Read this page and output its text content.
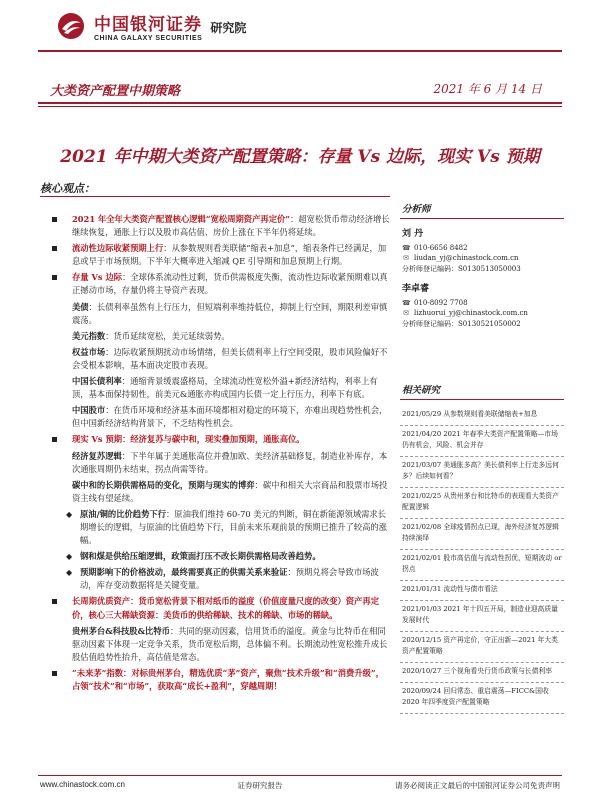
中国银河证券
CHINA GALAXY SECURITIES
研究院
大类资产配置中期策略	2021 年 6 月 14 日
2021 年中期大类资产配置策略：存量 Vs 边际，现实 Vs 预期
核心观点：
2021 年全年大类资产配置核心逻辑“宽松周期资产再定价”：超宽松货币带动经济增长继续恢复，通胀上行以及股市高估值、房价上涨在下半年仍将延续。
流动性边际收紧预期上行：从参数规则看美联储“缩表+加息”，缩表条件已经满足，加息或早于市场预期。下半年大概率进入缩减 QE 引导期和加息预期上行期。
存量 Vs 边际：全球体系流动性过剩，货币供需极度失衡，流动性边际收紧预期难以真正撼动市场，存量仍将主导资产表现。
美债：长债利率虽然有上行压力，但短端利率维持低位，抑制上行空间，期限利差审慎震荡。
美元指数：货币延续宽松，美元延续弱势。
权益市场：边际收紧预期扰动市场情绪，但美长债利率上行空间受限，股市风险偏好不会受根本影响，基本面决定股市表现。
中国长债利率：通缩背景缓震盛格局，全球流动性宽松外溢+新经济结构，利率上有顶，基本面保持韧性，前美元&通胀亦构成国内长债一定上行压力，利率下有底。
中国股市：在货币环境和经济基本面环境都相对稳定的环境下，亦难出现趋势性机会，但中国新经济结构背景下，不乏结构性机会。
现实 Vs 预期：经济复苏与碳中和，现实叠加预期，通胀高位。
经济复苏逻辑：下半年属于美通胀高位并叠加欧、美经济基础修复，制造业补库存，本次通胀周期仍未结束，拐点尚需等待。
碳中和的长期供需格局的变化，预期与现实的博弈：碳中和相关大宗商品和股票市场投资主线有望延续。
◆ 原油/铜的比价趋势下行：原油我们维持 60-70 美元的判断，铜在新能源领域需求长期增长的逻辑，与原油的比值趋势下行，目前未来乐观前景的预期已推升了较高的涨幅。
◆ 钢和煤是供给压缩逻辑，政策面打压不改长期供需格局改善趋势。
◆ 预期影响下的价格波动，最终需要真正的供需关系来验证：预期兑将会导致市场波动，库存变动数据将是关键变量。
长周期优质资产：货币宽松背景下相对纸币的溢度（价值度量尺度的改变）资产再定价，核心三大稀缺资源：美货币的供给稀缺、技术的稀缺、市场的稀缺。
贵州茅台&科技股&比特币：共同的驱动因素，信用货币的溢度。黄金与比特币在相同驱动因素下体现一定竞争关系，货币宽松后期，总体偏不利。长期流动性宽松推升成长股估值趋势性抬升，高估值是常态。
“未来茅”指数：对标贵州茅台，精选优质“茅”资产，聚焦“技术升级”和“消费升级”，占领“技术”和“市场”，获取高“成长+盈利”，穿越周期！
分析师
刘 丹
☎ 010-6656 8482
✉ liudan_yj@chinastock.com.cn
分析师登记编码：S0130513050003
李卓睿
☎ 010-8092 7708
✉ lizhuorui_yj@chinastock.com.cn
分析师登记编码：S0130521050002
相关研究
2021/05/29 从参数规则看美联储缩表+加息
2021/04/20 2021 年春季大类资产配置策略—市场仍有机会，风险、机会并存
2021/03/07 美通胀多高？美长债利率上行走多远何多？后续如何看？
2021/02/25 从贵州茅台和比特币的表现看大类资产配置逻辑
2021/02/08 全球疫情拐点已现，海外经济复苏逻辑持续演绎
2021/02/01 股市高估值与流动性拐优，短期波动 or 拐点
2021/01/31 流动性与债市看法
2021/01/03 2021 年十四五开局，制造业迎高质量发展时代
2020/12/15 资产再定价，守正出新—2021 年大类资产配置策略
2020/10/27 三个视角看央行货币政策与长债利率
2020/09/24 回归常态、重启震荡—FICC&国收 2020 年四季度资产配置策略
www.chinastock.com.cn	证券研究报告	请务必阅读正文最后的中国银河证券公司免责声明
